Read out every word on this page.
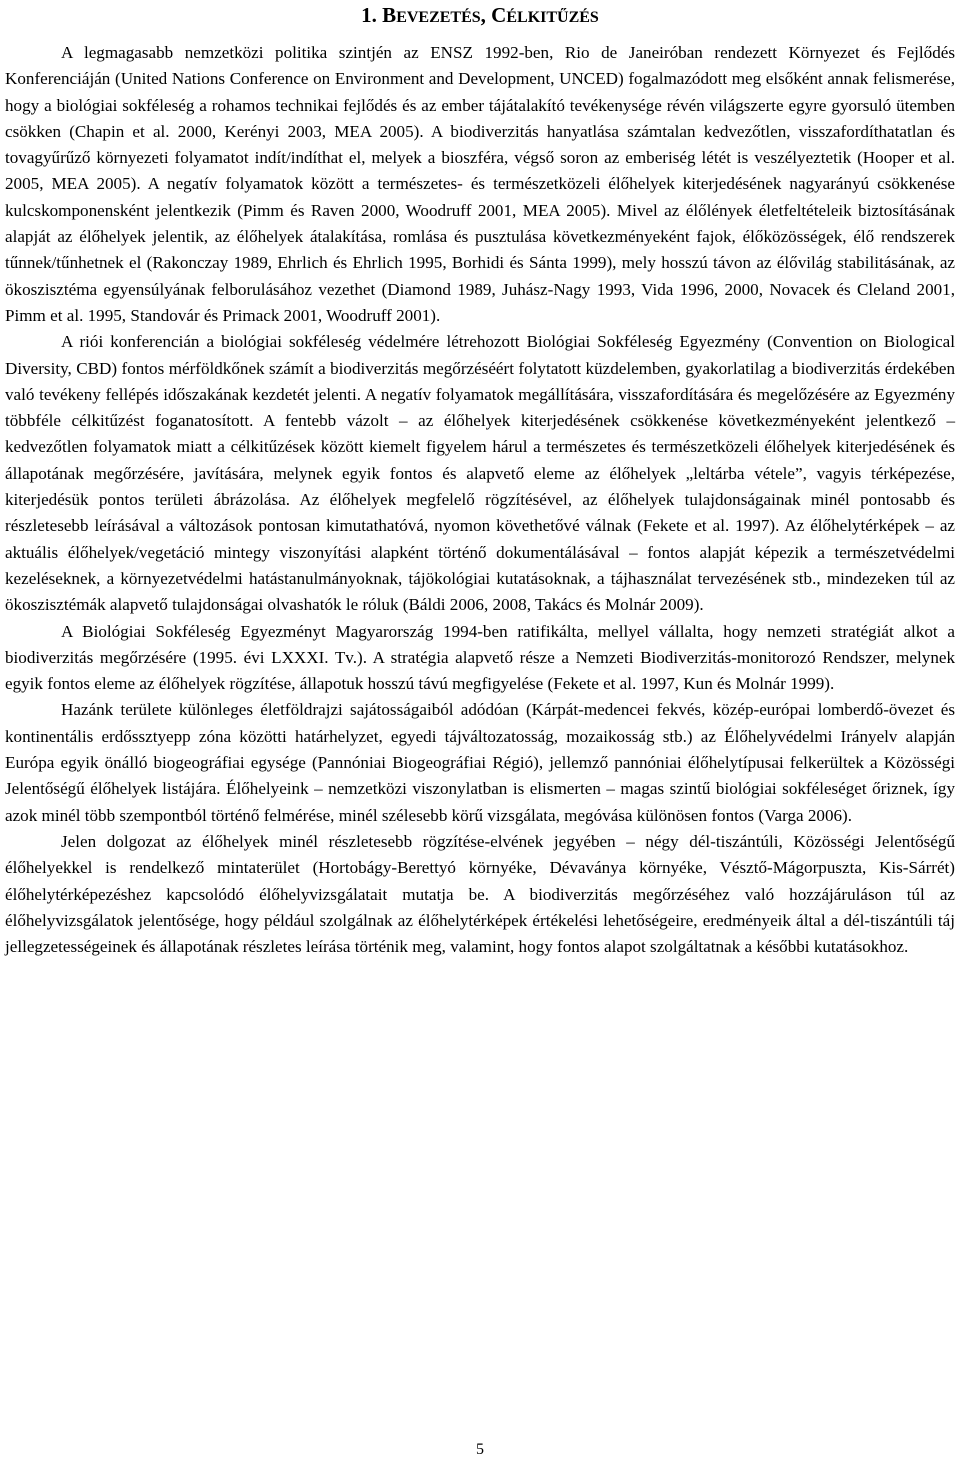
1. BEVEZETÉS, CÉLKITŰZÉS

A legmagasabb nemzetközi politika szintjén az ENSZ 1992-ben, Rio de Janeiróban rendezett Környezet és Fejlődés Konferenciáján (United Nations Conference on Environment and Development, UNCED) fogalmazódott meg elsőként annak felismerése, hogy a biológiai sokféleség a rohamos technikai fejlődés és az ember tájátalakító tevékenysége révén világszerte egyre gyorsuló ütemben csökken (Chapin et al. 2000, Kerényi 2003, MEA 2005). A biodiverzitás hanyatlása számtalan kedvezőtlen, visszafordíthatatlan és tovagyűrűző környezeti folyamatot indít/indíthat el, melyek a bioszféra, végső soron az emberiség létét is veszélyeztetik (Hooper et al. 2005, MEA 2005). A negatív folyamatok között a természetes- és természetközeli élőhelyek kiterjedésének nagyarányú csökkenése kulcskomponensként jelentkezik (Pimm és Raven 2000, Woodruff 2001, MEA 2005). Mivel az élőlények életfeltételeik biztosításának alapját az élőhelyek jelentik, az élőhelyek átalakítása, romlása és pusztulása következményeként fajok, élőközösségek, élő rendszerek tűnnek/tűnhetnek el (Rakonczay 1989, Ehrlich és Ehrlich 1995, Borhidi és Sánta 1999), mely hosszú távon az élővilág stabilitásának, az ökoszisztéma egyensúlyának felborulásához vezethet (Diamond 1989, Juhász-Nagy 1993, Vida 1996, 2000, Novacek és Cleland 2001, Pimm et al. 1995, Standovár és Primack 2001, Woodruff 2001).

A riói konferencián a biológiai sokféleség védelmére létrehozott Biológiai Sokféleség Egyezmény (Convention on Biological Diversity, CBD) fontos mérföldkőnek számít a biodiverzitás megőrzéséért folytatott küzdelemben, gyakorlatilag a biodiverzitás érdekében való tevékeny fellépés időszakának kezdetét jelenti. A negatív folyamatok megállítására, visszafordítására és megelőzésére az Egyezmény többféle célkitűzést foganatosított. A fentebb vázolt – az élőhelyek kiterjedésének csökkenése következményeként jelentkező – kedvezőtlen folyamatok miatt a célkitűzések között kiemelt figyelem hárul a természetes és természetközeli élőhelyek kiterjedésének és állapotának megőrzésére, javítására, melynek egyik fontos és alapvető eleme az élőhelyek „leltárba vétele”, vagyis térképezése, kiterjedésük pontos területi ábrázolása. Az élőhelyek megfelelő rögzítésével, az élőhelyek tulajdonságainak minél pontosabb és részletesebb leírásával a változások pontosan kimutathatóvá, nyomon követhetővé válnak (Fekete et al. 1997). Az élőhelytérképek – az aktuális élőhelyek/vegetáció mintegy viszonyítási alapként történő dokumentálásával – fontos alapját képezik a természetvédelmi kezeléseknek, a környezetvédelmi hatástanulmányoknak, tájökológiai kutatásoknak, a tájhasználat tervezésének stb., mindezeken túl az ökoszisztémák alapvető tulajdonságai olvashatók le róluk (Báldi 2006, 2008, Takács és Molnár 2009).

A Biológiai Sokféleség Egyezményt Magyarország 1994-ben ratifikálta, mellyel vállalta, hogy nemzeti stratégiát alkot a biodiverzitás megőrzésére (1995. évi LXXXI. Tv.). A stratégia alapvető része a Nemzeti Biodiverzitás-monitorozó Rendszer, melynek egyik fontos eleme az élőhelyek rögzítése, állapotuk hosszú távú megfigyelése (Fekete et al. 1997, Kun és Molnár 1999).

Hazánk területe különleges életföldrajzi sajátosságaiból adódóan (Kárpát-medencei fekvés, közép-európai lomberdő-övezet és kontinentális erdőssztyepp zóna közötti határhelyzet, egyedi tájváltozatosság, mozaikosság stb.) az Élőhelyvédelmi Irányelv alapján Európa egyik önálló biogeográfiai egysége (Pannóniai Biogeográfiai Régió), jellemző pannóniai élőhelytípusai felkerültek a Közösségi Jelentőségű élőhelyek listájára. Élőhelyeink – nemzetközi viszonylatban is elismerten – magas szintű biológiai sokféleséget őriznek, így azok minél több szempontból történő felmérése, minél szélesebb körű vizsgálata, megóvása különösen fontos (Varga 2006).

Jelen dolgozat az élőhelyek minél részletesebb rögzítése-elvének jegyében – négy dél-tiszántúli, Közösségi Jelentőségű élőhelyekkel is rendelkező mintaterület (Hortobágy-Berettyó környéke, Dévaványa környéke, Vésztő-Mágorpuszta, Kis-Sárrét) élőhelytérképezéshez kapcsolódó élőhelyvizsgálatait mutatja be. A biodiverzitás megőrzéséhez való hozzájáruláson túl az élőhelyvizsgálatok jelentősége, hogy például szolgálnak az élőhelytérképek értékelési lehetőségeire, eredményeik által a dél-tiszántúli táj jellegzetességeinek és állapotának részletes leírása történik meg, valamint, hogy fontos alapot szolgáltatnak a későbbi kutatásokhoz.

5
